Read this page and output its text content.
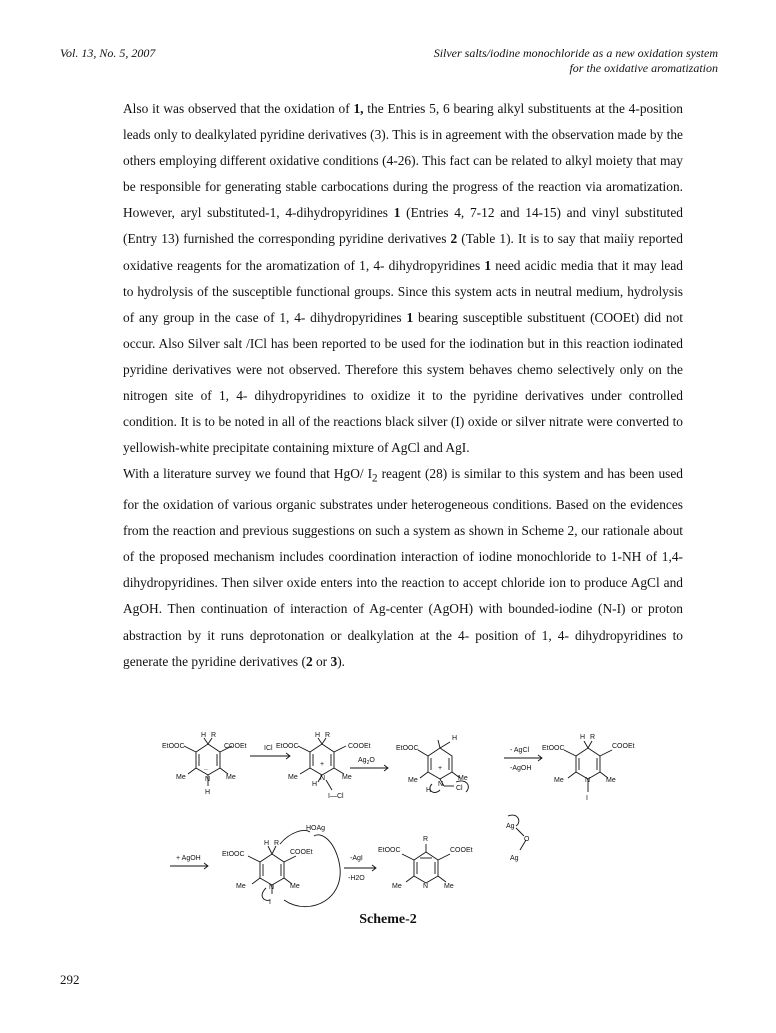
Vol. 13, No. 5, 2007	Silver salts/iodine monochloride as a new oxidation system
for the oxidative aromatization

Also it was observed that the oxidation of 1, the Entries 5, 6 bearing alkyl substituents at the 4-position leads only to dealkylated pyridine derivatives (3). This is in agreement with the observation made by the others employing different oxidative conditions (4-26). This fact can be related to alkyl moiety that may be responsible for generating stable carbocations during the progress of the reaction via aromatization. However, aryl substituted-1, 4-dihydropyridines 1 (Entries 4, 7-12 and 14-15) and vinyl substituted (Entry 13) furnished the corresponding pyridine derivatives 2 (Table 1). It is to say that maỉiy reported oxidative reagents for the aromatization of 1, 4- dihydropyridines 1 need acidic media that it may lead to hydrolysis of the susceptible functional groups. Since this system acts in neutral medium, hydrolysis of any group in the case of 1, 4- dihydropyridines 1 bearing susceptible substituent (COOEt) did not occur. Also Silver salt /ICl has been reported to be used for the iodination but in this reaction iodinated pyridine derivatives were not observed. Therefore this system behaves chemo selectively only on the nitrogen site of 1, 4- dihydropyridines to oxidize it to the pyridine derivatives under controlled condition. It is to be noted in all of the reactions black silver (I) oxide or silver nitrate were converted to yellowish-white precipitate containing mixture of AgCl and AgI.

With a literature survey we found that HgO/ $I_2$ reagent (28) is similar to this system and has been used for the oxidation of various organic substrates under heterogeneous conditions. Based on the evidences from the reaction and previous suggestions on such a system as shown in Scheme 2, our rationale about of the proposed mechanism includes coordination interaction of iodine monochloride to 1-NH of 1,4- dihydropyridines. Then silver oxide enters into the reaction to accept chloride ion to produce AgCl and AgOH. Then continuation of interaction of Ag-center (AgOH) with bounded-iodine (N-I) or proton abstraction by it runs deprotonation or dealkylation at the 4- position of 1, 4- dihydropyridines to generate the pyridine derivatives (2 or 3).

EtOOC	COOEt
H R
Me	Me
N
H
..
ICl EtOOC	COOEt
H R
Me	Me
N
+
H
I—Cl
$Ag_2O$
EtOOC
H
Me	Me
N
+
H	Cl
- AgCl
-AgOH
EtOOC	COOEt
H R
Me	Me
N
I
Ag
O
Ag
+ AgOH
EtOOC	COOEt
H R
Me	Me
N
I
HOAg
-AgI
-H2O
EtOOC	COOEt
R
Me	Me
N
Scheme-2
292
